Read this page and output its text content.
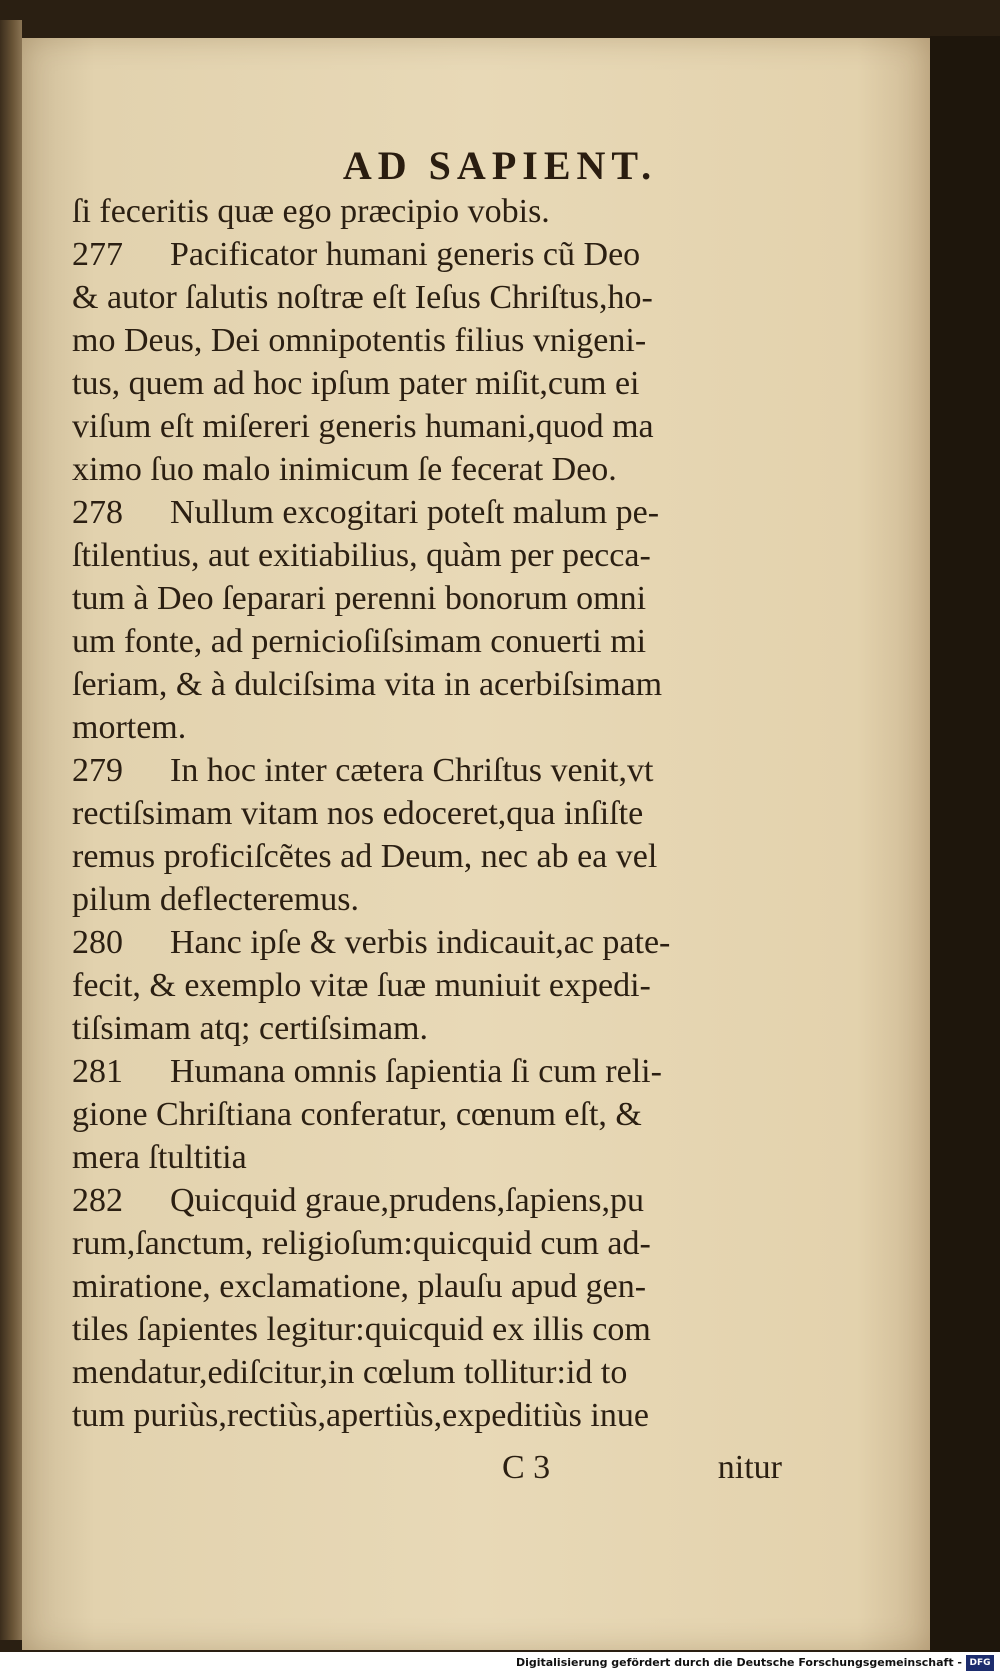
AD SAPIENT.
ſi feceritis quæ ego præcipio vobis.
277 Pacificator humani generis cũ Deo
& autor ſalutis noſtræ eſt Ieſus Chriſtus,ho-
mo Deus, Dei omnipotentis filius vnigeni-
tus, quem ad hoc ipſum pater miſit,cum ei
viſum eſt miſereri generis humani,quod ma
ximo ſuo malo inimicum ſe fecerat Deo.
278 Nullum excogitari poteſt malum pe-
ſtilentius, aut exitiabilius, quàm per pecca-
tum à Deo ſeparari perenni bonorum omni
um fonte, ad pernicioſiſsimam conuerti mi
ſeriam, & à dulciſsima vita in acerbiſsimam
mortem.
279 In hoc inter cætera Chriſtus venit,vt
rectiſsimam vitam nos edoceret,qua inſiſte
remus proficiſcẽtes ad Deum, nec ab ea vel
pilum deflecteremus.
280 Hanc ipſe & verbis indicauit,ac pate-
fecit, & exemplo vitæ ſuæ muniuit expedi-
tiſsimam atq; certiſsimam.
281 Humana omnis ſapientia ſi cum reli-
gione Chriſtiana conferatur, cœnum eſt, &
mera ſtultitia
282 Quicquid graue,prudens,ſapiens,pu
rum,ſanctum, religioſum:quicquid cum ad-
miratione, exclamatione, plauſu apud gen-
tiles ſapientes legitur:quicquid ex illis com
mendatur,ediſcitur,in cœlum tollitur:id to
tum puriùs,rectiùs,apertiùs,expeditiùs inue
C 3	nitur
Digitalisierung gefördert durch die Deutsche Forschungsgemeinschaft - DFG
